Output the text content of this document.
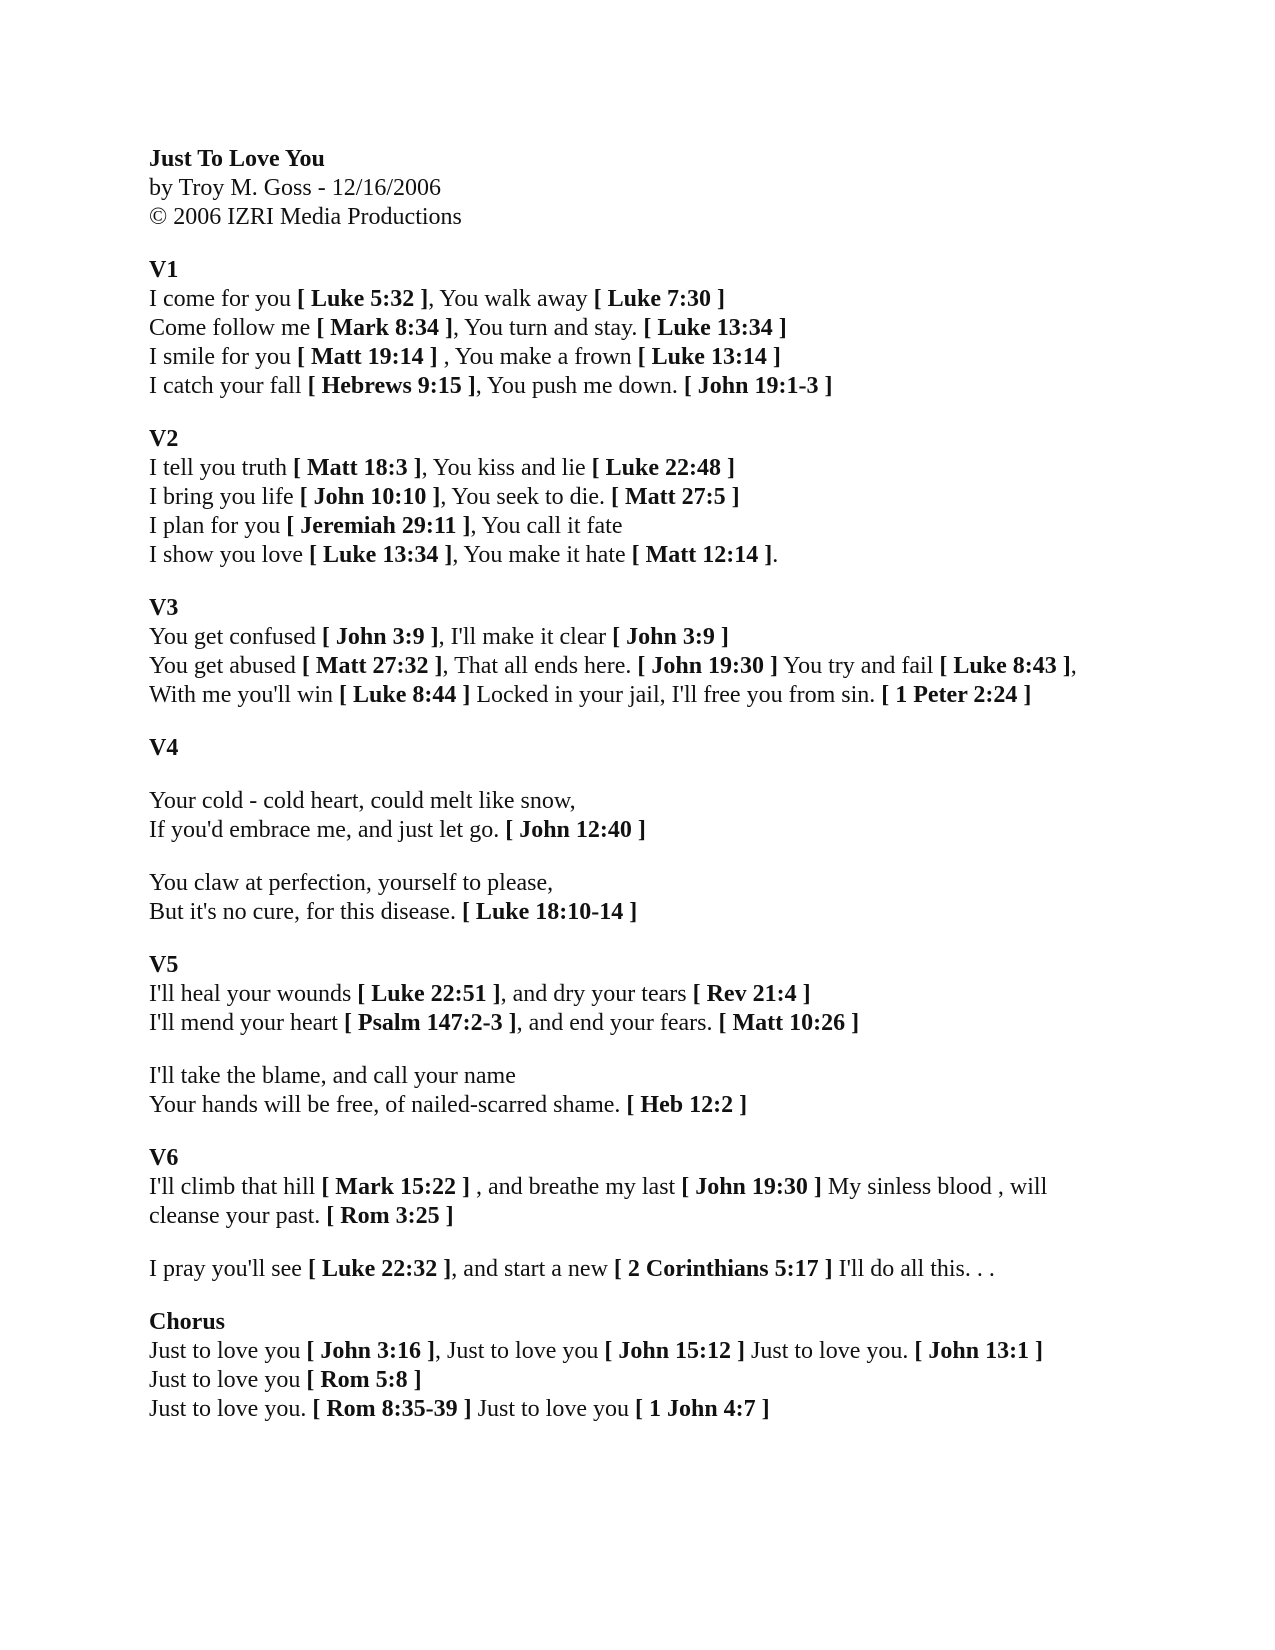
Just To Love You
by Troy M. Goss - 12/16/2006
© 2006 IZRI Media Productions
V1
I come for you [ Luke 5:32 ], You walk away [ Luke 7:30 ]
Come follow me [ Mark 8:34 ], You turn and stay. [ Luke 13:34 ]
I smile for you [ Matt 19:14 ] , You make a frown [ Luke 13:14 ]
I catch your fall [ Hebrews 9:15 ], You push me down. [ John 19:1-3 ]
V2
I tell you truth [ Matt 18:3 ], You kiss and lie [ Luke 22:48 ]
I bring you life [ John 10:10 ], You seek to die. [ Matt 27:5 ]
I plan for you [ Jeremiah 29:11 ], You call it fate
I show you love [ Luke 13:34 ], You make it hate [ Matt 12:14 ].
V3
You get confused [ John 3:9 ], I'll make it clear [ John 3:9 ]
You get abused [ Matt 27:32 ], That all ends here. [ John 19:30 ] You try and fail [ Luke 8:43 ],
With me you'll win [ Luke 8:44 ] Locked in your jail, I'll free you from sin. [ 1 Peter 2:24 ]
V4
Your cold - cold heart, could melt like snow,
If you'd embrace me, and just let go. [ John 12:40 ]
You claw at perfection, yourself to please,
But it's no cure, for this disease. [ Luke 18:10-14 ]
V5
I'll heal your wounds [ Luke 22:51 ], and dry your tears [ Rev 21:4 ]
I'll mend your heart [ Psalm 147:2-3 ], and end your fears. [ Matt 10:26 ]
I'll take the blame, and call your name
Your hands will be free, of nailed-scarred shame. [ Heb 12:2 ]
V6
I'll climb that hill [ Mark 15:22 ] , and breathe my last [ John 19:30 ] My sinless blood , will
cleanse your past. [ Rom 3:25 ]
I pray you'll see [ Luke 22:32 ], and start a new [ 2 Corinthians 5:17 ] I'll do all this. . .
Chorus
Just to love you [ John 3:16 ], Just to love you [ John 15:12 ] Just to love you. [ John 13:1 ]
Just to love you [ Rom 5:8 ]
Just to love you. [ Rom 8:35-39 ] Just to love you [ 1 John 4:7 ]
